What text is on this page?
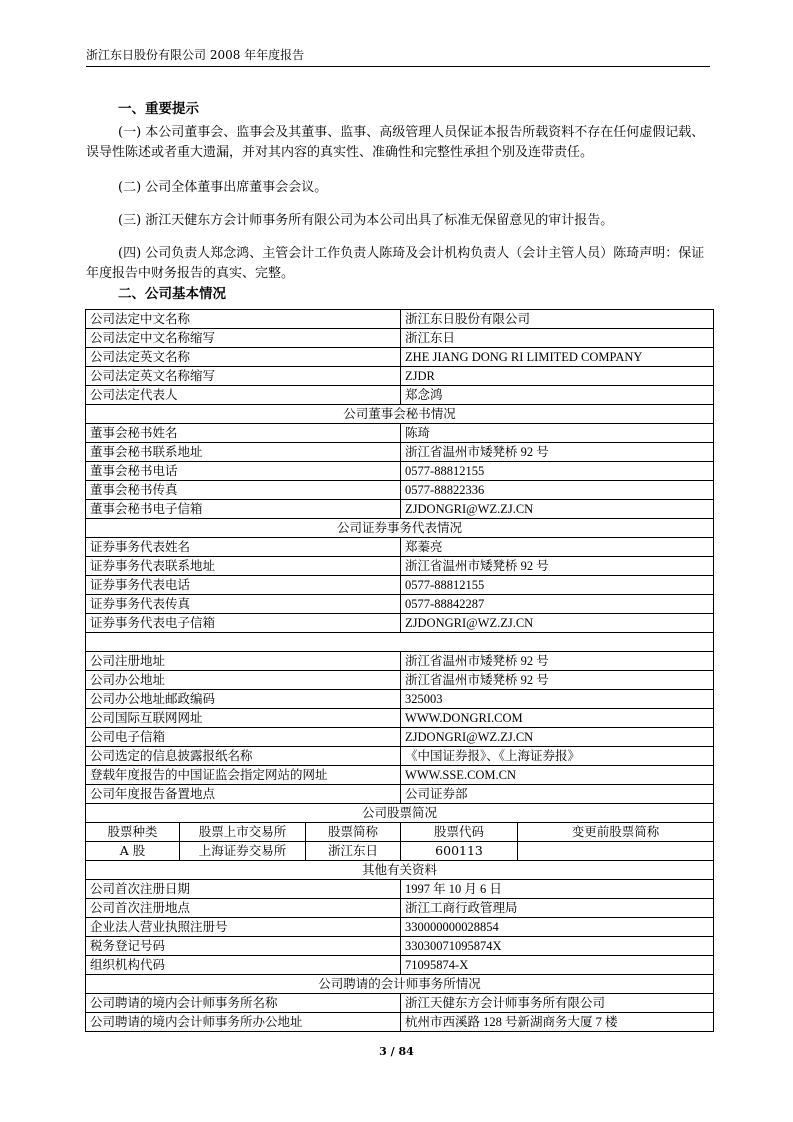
浙江东日股份有限公司 2008 年年度报告
一、重要提示
(一) 本公司董事会、监事会及其董事、监事、高级管理人员保证本报告所载资料不存在任何虚假记载、误导性陈述或者重大遗漏，并对其内容的真实性、准确性和完整性承担个别及连带责任。
(二) 公司全体董事出席董事会会议。
(三) 浙江天健东方会计师事务所有限公司为本公司出具了标准无保留意见的审计报告。
(四) 公司负责人郑念鸿、主管会计工作负责人陈琦及会计机构负责人（会计主管人员）陈琦声明：保证年度报告中财务报告的真实、完整。
二、公司基本情况
公司法定中文名称			浙江东日股份有限公司	
公司法定中文名称缩写			浙江东日	
公司法定英文名称			ZHE JIANG DONG RI LIMITED COMPANY	
公司法定英文名称缩写			ZJDR	
公司法定代表人			郑念鸿	
公司董事会秘书情况				
董事会秘书姓名			陈琦	
董事会秘书联系地址			浙江省温州市矮凳桥 92 号	
董事会秘书电话			0577-88812155	
董事会秘书传真			0577-88822336	
董事会秘书电子信箱			ZJDONGRI@WZ.ZJ.CN	
公司证券事务代表情况				
证券事务代表姓名			郑蓁亮	
证券事务代表联系地址			浙江省温州市矮凳桥 92 号	
证券事务代表电话			0577-88812155	
证券事务代表传真			0577-88842287	
证券事务代表电子信箱			ZJDONGRI@WZ.ZJ.CN	

公司注册地址			浙江省温州市矮凳桥 92 号	
公司办公地址			浙江省温州市矮凳桥 92 号	
公司办公地址邮政编码			325003	
公司国际互联网网址			WWW.DONGRI.COM	
公司电子信箱			ZJDONGRI@WZ.ZJ.CN	
公司选定的信息披露报纸名称			《中国证券报》、《上海证券报》	
登载年度报告的中国证监会指定网站的网址			WWW.SSE.COM.CN	
公司年度报告备置地点			公司证券部	
公司股票简况				
股票种类	股票上市交易所	股票简称	股票代码	变更前股票简称
A 股	上海证券交易所	浙江东日	600113	
其他有关资料				
公司首次注册日期			1997 年 10 月 6 日	
公司首次注册地点			浙江工商行政管理局	
企业法人营业执照注册号			330000000028854	
税务登记号码			33030071095874X	
组织机构代码			71095874-X	
公司聘请的会计师事务所情况				
公司聘请的境内会计师事务所名称			浙江天健东方会计师事务所有限公司	
公司聘请的境内会计师事务所办公地址			杭州市西溪路 128 号新湖商务大厦 7 楼	
3 / 84
